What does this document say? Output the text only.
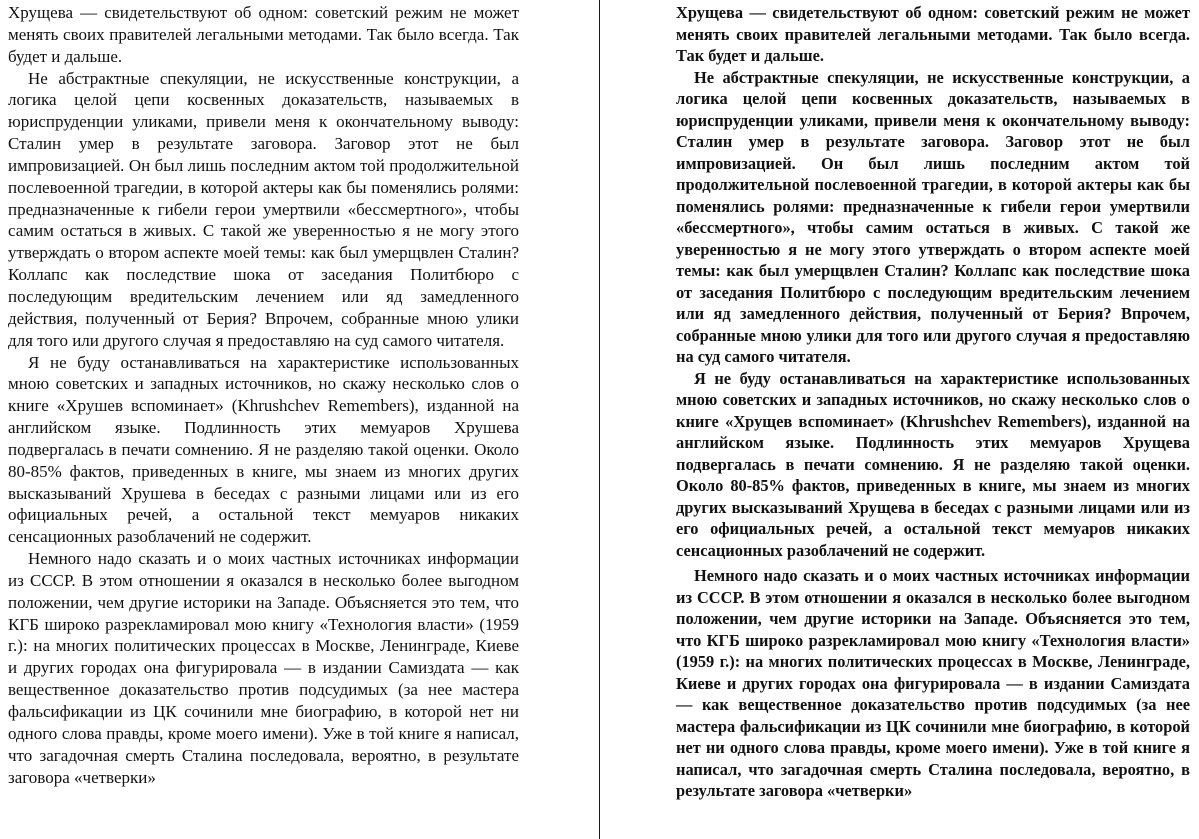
Хрущева — свидетельствуют об одном: советский режим не может менять своих правителей легальными методами. Так было всегда. Так будет и дальше.

Не абстрактные спекуляции, не искусственные конструкции, а логика целой цепи косвенных доказательств, называемых в юриспруденции уликами, привели меня к окончательному выводу: Сталин умер в результате заговора. Заговор этот не был импровизацией. Он был лишь последним актом той продолжительной послевоенной трагедии, в которой актеры как бы поменялись ролями: предназначенные к гибели герои умертвили «бессмертного», чтобы самим остаться в живых. С такой же уверенностью я не могу этого утверждать о втором аспекте моей темы: как был умерщвлен Сталин? Коллапс как последствие шока от заседания Политбюро с последующим вредительским лечением или яд замедленного действия, полученный от Берия? Впрочем, собранные мною улики для того или другого случая я предоставляю на суд самого читателя.

Я не буду останавливаться на характеристике использованных мною советских и западных источников, но скажу несколько слов о книге «Хрушев вспоминает» (Khrushchev Remembers), изданной на английском языке. Подлинность этих мемуаров Хрушева подвергалась в печати сомнению. Я не разделяю такой оценки. Около 80-85% фактов, приведенных в книге, мы знаем из многих других высказываний Хрушева в беседах с разными лицами или из его официальных речей, а остальной текст мемуаров никаких сенсационных разоблачений не содержит.

Немного надо сказать и о моих частных источниках информации из СССР. В этом отношении я оказался в несколько более выгодном положении, чем другие историки на Западе. Объясняется это тем, что КГБ широко разрекламировал мою книгу «Технология власти» (1959 г.): на многих политических процессах в Москве, Ленинграде, Киеве и других городах она фигурировала — в издании Самиздата — как вещественное доказательство против подсудимых (за нее мастера фальсификации из ЦК сочинили мне биографию, в которой нет ни одного слова правды, кроме моего имени). Уже в той книге я написал, что загадочная смерть Сталина последовала, вероятно, в результате заговора «четверки»

Хрущева — свидетельствуют об одном: советский режим не может менять своих правителей легальными методами. Так было всегда. Так будет и дальше.

Не абстрактные спекуляции, не искусственные конструкции, а логика целой цепи косвенных доказательств, называемых в юриспруденции уликами, привели меня к окончательному выводу: Сталин умер в результате заговора. Заговор этот не был импровизацией. Он был лишь последним актом той продолжительной послевоенной трагедии, в которой актеры как бы поменялись ролями: предназначенные к гибели герои умертвили «бессмертного», чтобы самим остаться в живых. С такой же уверенностью я не могу этого утверждать о втором аспекте моей темы: как был умерщвлен Сталин? Коллапс как последствие шока от заседания Политбюро с последующим вредительским лечением или яд замедленного действия, полученный от Берия? Впрочем, собранные мною улики для того или другого случая я предоставляю на суд самого читателя.

Я не буду останавливаться на характеристике использованных мною советских и западных источников, но скажу несколько слов о книге «Хрущев вспоминает» (Khrushchev Remembers), изданной на английском языке. Подлинность этих мемуаров Хрущева подвергалась в печати сомнению. Я не разделяю такой оценки. Около 80-85% фактов, приведенных в книге, мы знаем из многих других высказываний Хрущева в беседах с разными лицами или из его официальных речей, а остальной текст мемуаров никаких сенсационных разоблачений не содержит.

Немного надо сказать и о моих частных источниках информации из СССР. В этом отношении я оказался в несколько более выгодном положении, чем другие историки на Западе. Объясняется это тем, что КГБ широко разрекламировал мою книгу «Технология власти» (1959 г.): на многих политических процессах в Москве, Ленинграде, Киеве и других городах она фигурировала — в издании Самиздата — как вещественное доказательство против подсудимых (за нее мастера фальсификации из ЦК сочинили мне биографию, в которой нет ни одного слова правды, кроме моего имени). Уже в той книге я написал, что загадочная смерть Сталина последовала, вероятно, в результате заговора «четверки»
